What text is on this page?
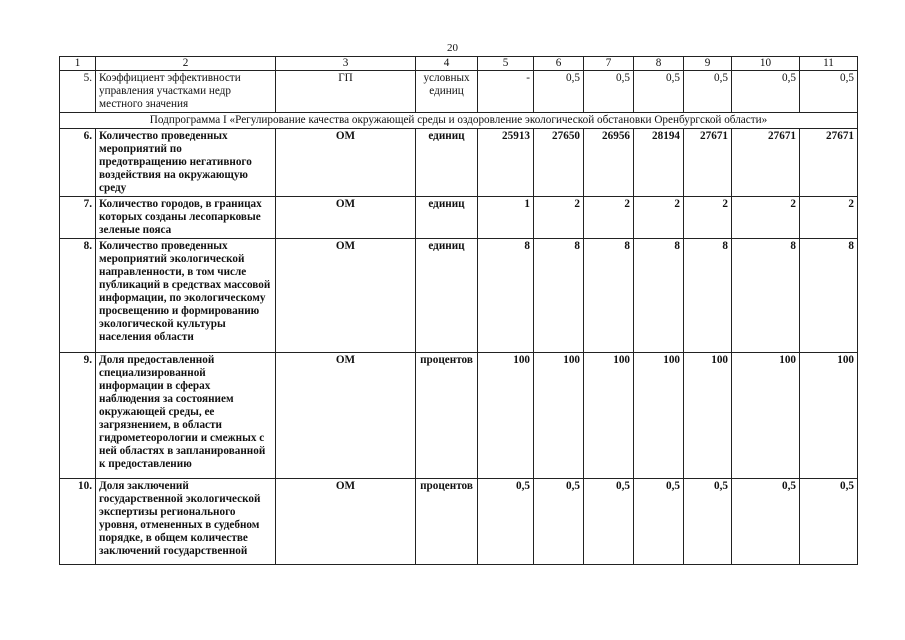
20
1	2	3	4	5	6	7	8	9	10	11
5.	Коэффициент эффективности управления участками недр местного значения	ГП	условных единиц	-	0,5	0,5	0,5	0,5	0,5	0,5
Подпрограмма I «Регулирование качества окружающей среды и оздоровление экологической обстановки Оренбургской области»										
6.	Количество проведенных мероприятий по предотвращению негативного воздействия на окружающую среду	ОМ	единиц	25913	27650	26956	28194	27671	27671	27671
7.	Количество городов, в границах которых созданы лесопарковые зеленые пояса	ОМ	единиц	1	2	2	2	2	2	2
8.	Количество проведенных мероприятий экологической направленности, в том числе публикаций в средствах массовой информации, по экологическому просвещению и формированию экологической культуры населения области	ОМ	единиц	8	8	8	8	8	8	8
9.	Доля предоставленной специализированной информации в сферах наблюдения за состоянием окружающей среды, ее загрязнением, в области гидрометеорологии и смежных с ней областях в запланированной к предоставлению	ОМ	процентов	100	100	100	100	100	100	100
10.	Доля заключений государственной экологической экспертизы регионального уровня, отмененных в судебном порядке, в общем количестве заключений государственной	ОМ	процентов	0,5	0,5	0,5	0,5	0,5	0,5	0,5
